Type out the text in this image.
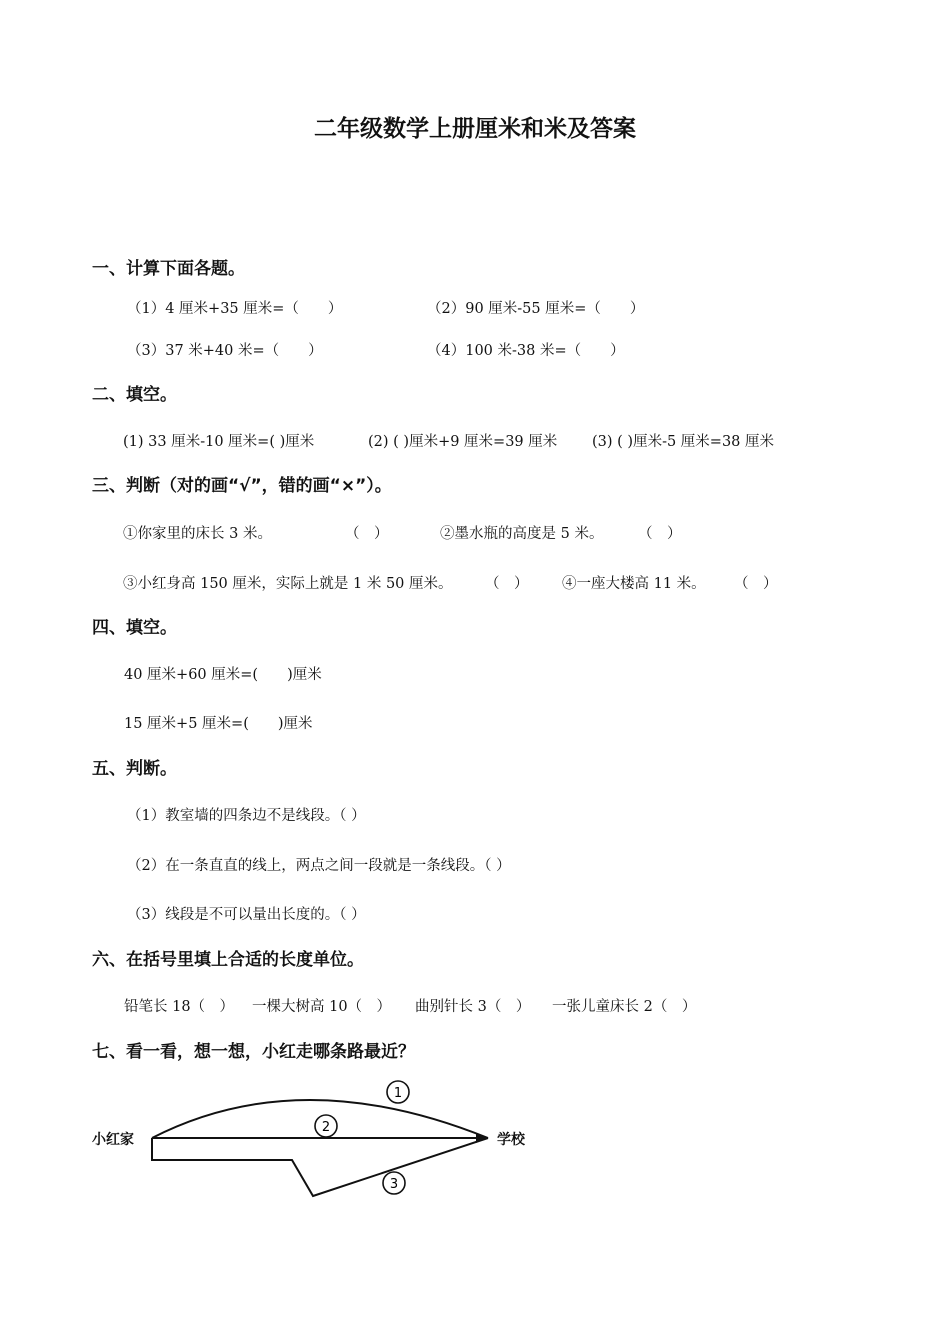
二年级数学上册厘米和米及答案
一、计算下面各题。
（1）4 厘米+35 厘米=（　　）	（2）90 厘米-55 厘米=（　　）
（3）37 米+40 米=（　　）	（4）100 米-38 米=（　　）
二、填空。
(1) 33 厘米-10 厘米=( )厘米	(2) ( )厘米+9 厘米=39 厘米 (3) ( )厘米-5 厘米=38 厘米
三、判断（对的画“√”，错的画“×”）。
①你家里的床长 3 米。	（　）	②墨水瓶的高度是 5 米。 （　）
③小红身高 150 厘米，实际上就是 1 米 50 厘米。 （　） ④一座大楼高 11 米。 （　）
四、填空。
40 厘米+60 厘米=(　　)厘米
15 厘米+5 厘米=(　　)厘米
五、判断。
（1）教室墙的四条边不是线段。（ ）
（2）在一条直直的线上，两点之间一段就是一条线段。（ ）
（3）线段是不可以量出长度的。（ ）
六、在括号里填上合适的长度单位。
铅笔长 18（　） 一棵大树高 10（　） 曲别针长 3（　） 一张儿童床长 2（　）
七、看一看，想一想，小红走哪条路最近？
小红家	学校
1
2
3
